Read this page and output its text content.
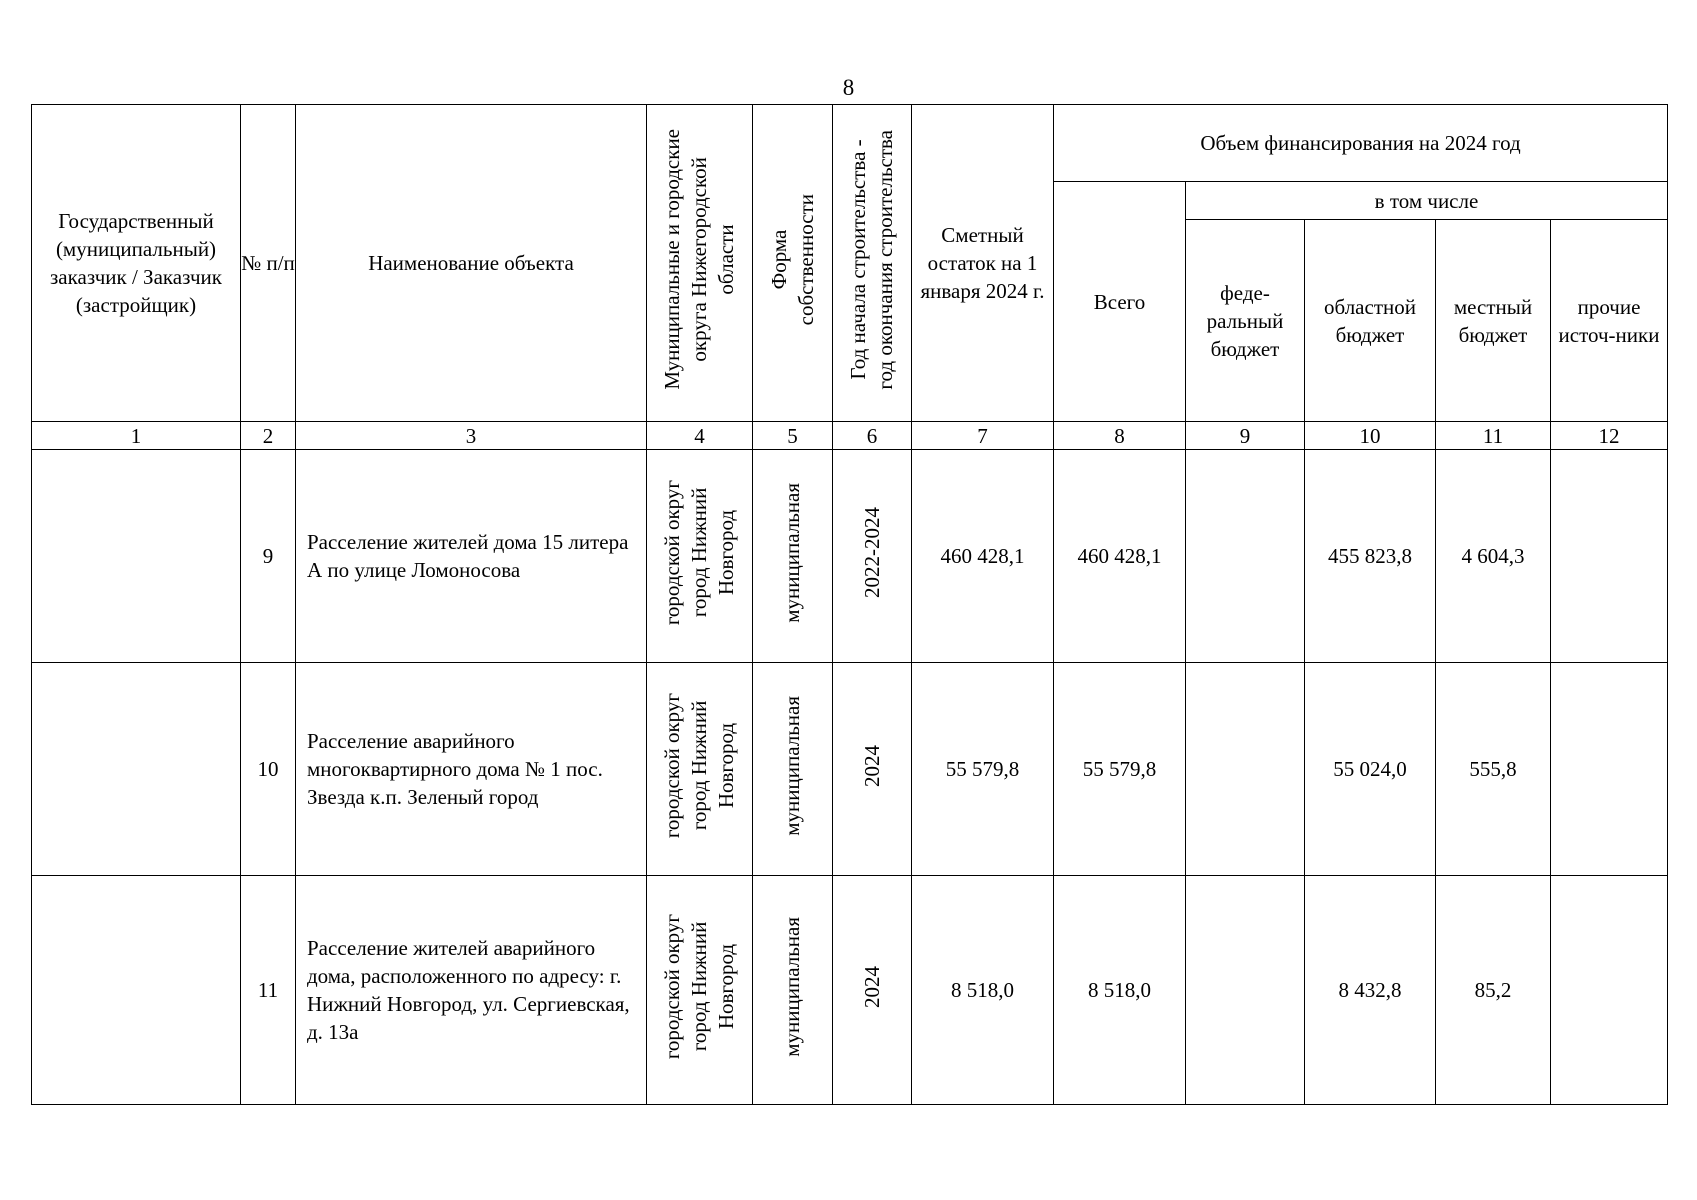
8
Государственный (муниципальный) заказчик / Заказчик (застройщик)	№ п/п	Наименование объекта	Муниципальные и городские округа Нижегородской области	Форма собственности	Год начала строительства - год окончания строительства	Сметный остаток на 1 января 2024 г.	Объем финансирования на 2024 год				
							Всего	в том числе			
								феде-ральный бюджет	областной бюджет	местный бюджет	прочие источ-ники
1	2	3	4	5	6	7	8	9	10	11	12
	9	Расселение жителей дома 15 литера А по улице Ломоносова	городской округ город Нижний Новгород	муниципальная	2022-2024	460 428,1	460 428,1		455 823,8	4 604,3	
	10	Расселение аварийного многоквартирного дома № 1 пос. Звезда к.п. Зеленый город	городской округ город Нижний Новгород	муниципальная	2024	55 579,8	55 579,8		55 024,0	555,8	
	11	Расселение жителей аварийного дома, расположенного по адресу: г. Нижний Новгород, ул. Сергиевская, д. 13а	городской округ город Нижний Новгород	муниципальная	2024	8 518,0	8 518,0		8 432,8	85,2	
